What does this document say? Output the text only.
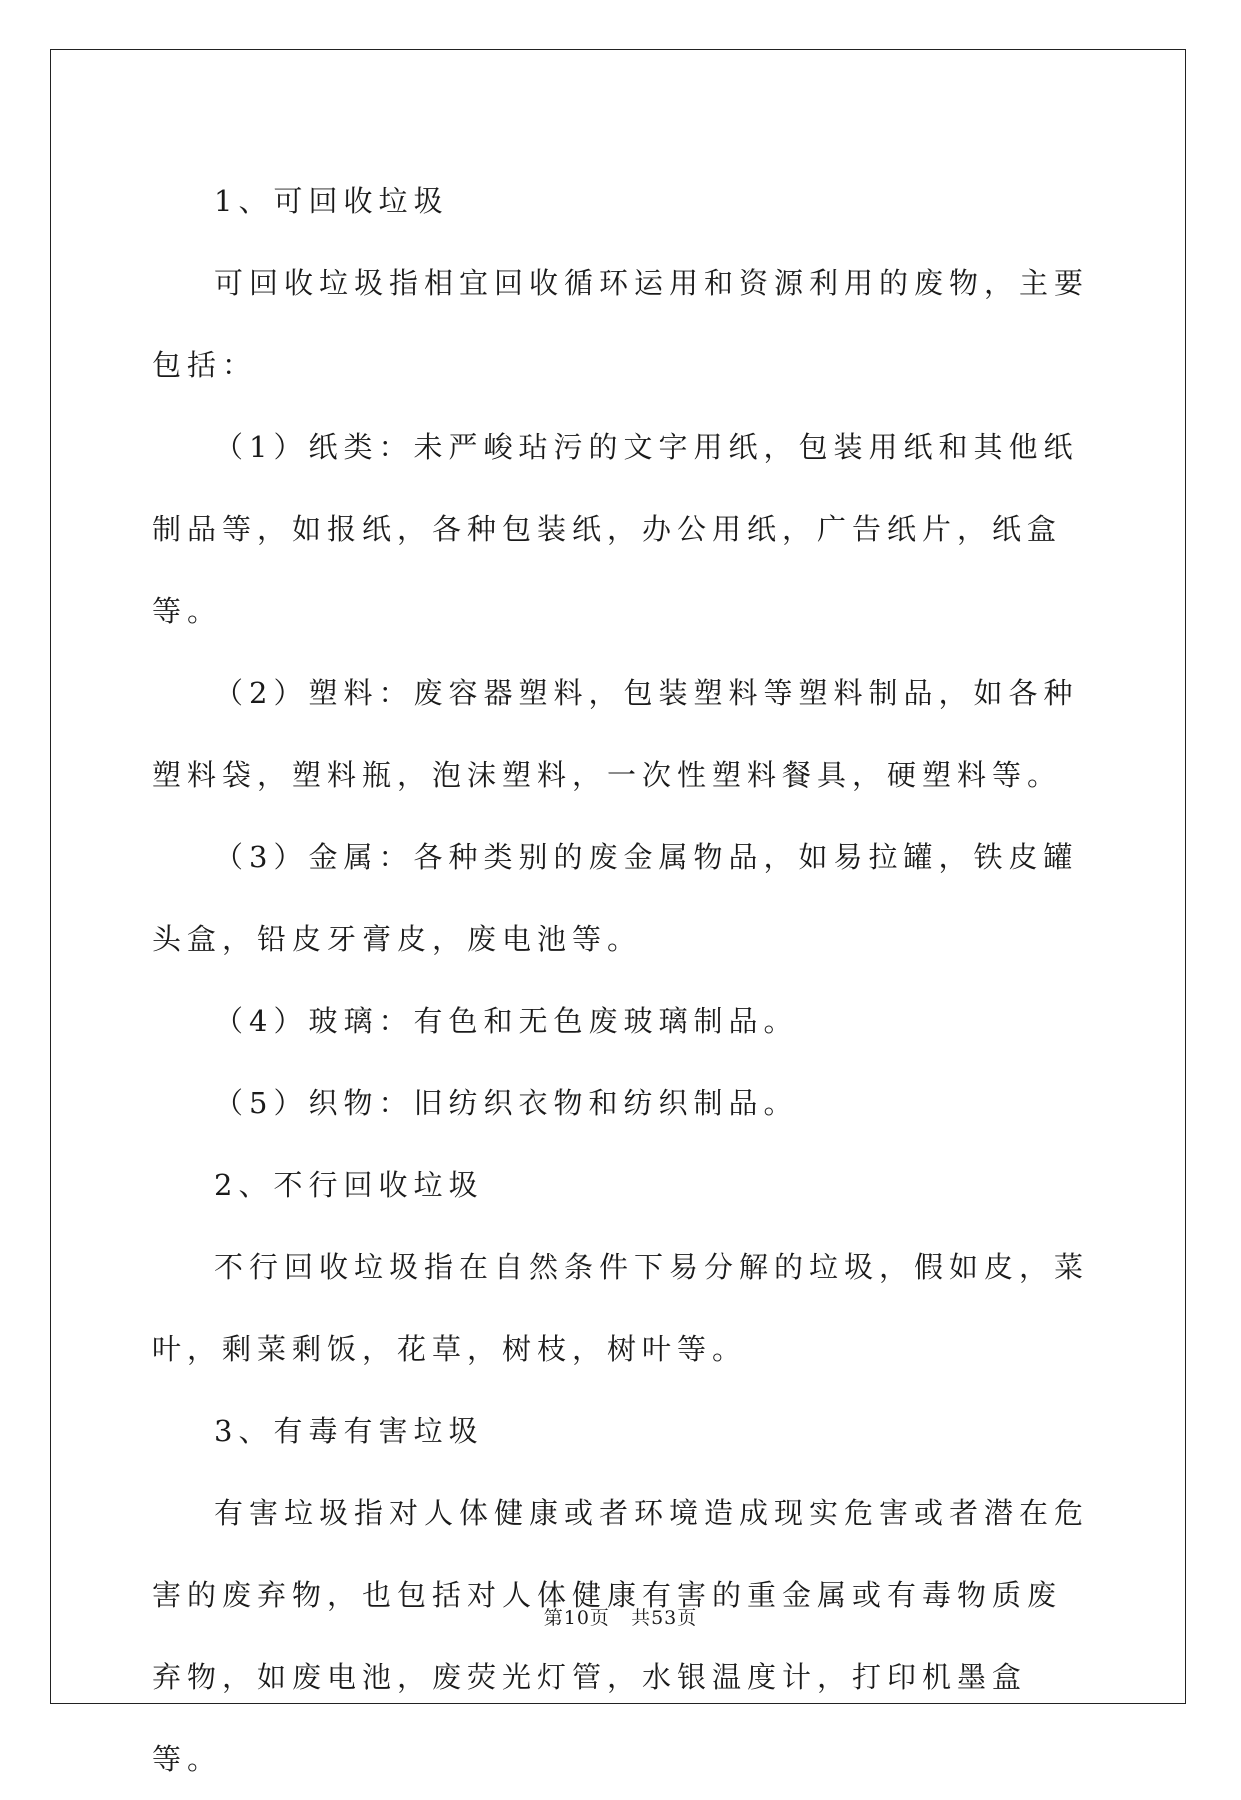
1、可回收垃圾

可回收垃圾指相宜回收循环运用和资源利用的废物，主要包括：

（1）纸类：未严峻玷污的文字用纸，包装用纸和其他纸制品等，如报纸，各种包装纸，办公用纸，广告纸片，纸盒等。

（2）塑料：废容器塑料，包装塑料等塑料制品，如各种塑料袋，塑料瓶，泡沫塑料，一次性塑料餐具，硬塑料等。

（3）金属：各种类别的废金属物品，如易拉罐，铁皮罐头盒，铅皮牙膏皮，废电池等。

（4）玻璃：有色和无色废玻璃制品。

（5）织物：旧纺织衣物和纺织制品。

2、不行回收垃圾

不行回收垃圾指在自然条件下易分解的垃圾，假如皮，菜叶，剩菜剩饭，花草，树枝，树叶等。

3、有毒有害垃圾

有害垃圾指对人体健康或者环境造成现实危害或者潜在危害的废弃物，也包括对人体健康有害的重金属或有毒物质废弃物，如废电池，废荧光灯管，水银温度计，打印机墨盒等。

第10页 共53页
